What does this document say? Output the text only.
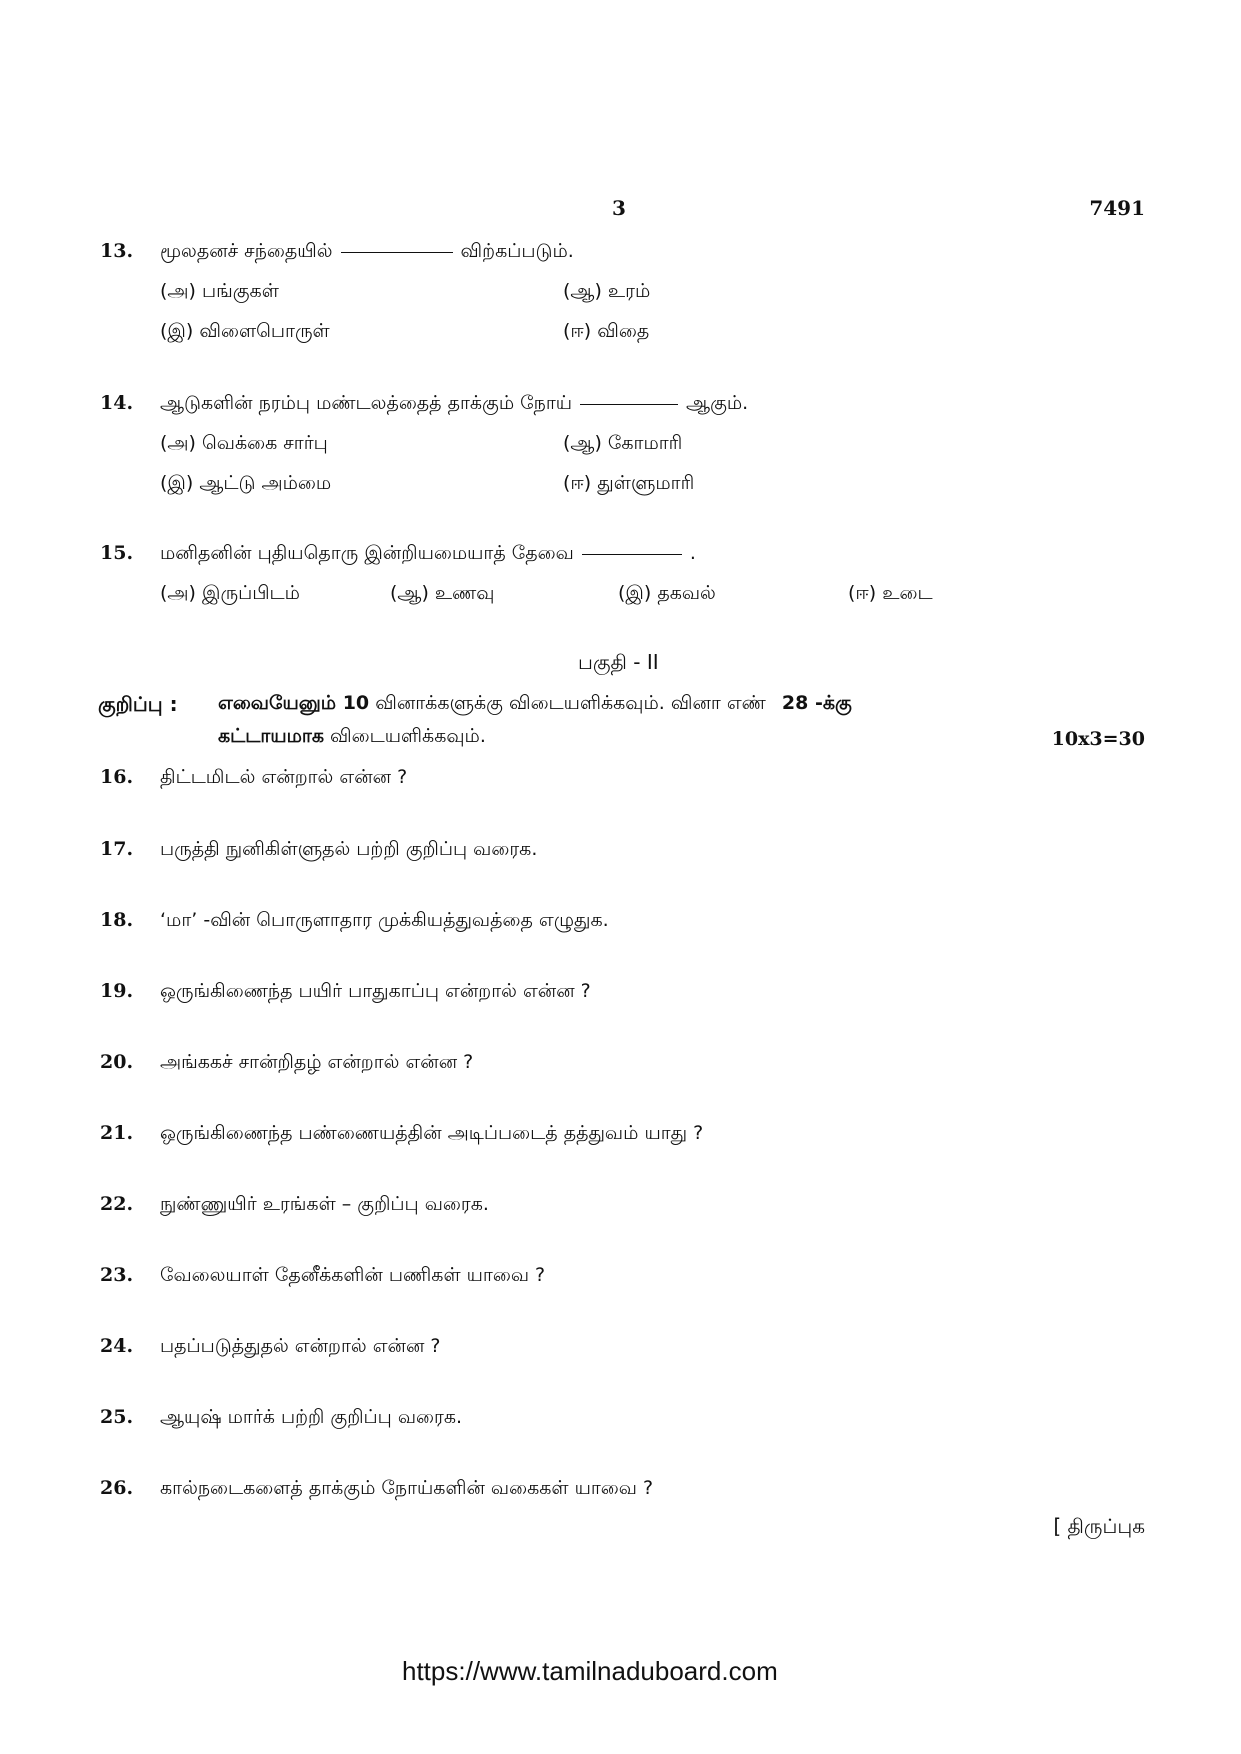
3	7491
13. மூலதனச் சந்தையில்	விற்கப்படும்.
(அ) பங்குகள்	(ஆ) உரம்
(இ) விளைபொருள்	(ஈ) விதை
14. ஆடுகளின் நரம்பு மண்டலத்தைத் தாக்கும் நோய்	ஆகும்.
(அ) வெக்கை சார்பு	(ஆ) கோமாரி
(இ) ஆட்டு அம்மை	(ஈ) துள்ளுமாரி
15. மனிதனின் புதியதொரு இன்றியமையாத் தேவை	.
(அ) இருப்பிடம்	(ஆ) உணவு	(இ) தகவல்	(ஈ) உடை
பகுதி - II
குறிப்பு : எவையேனும் 10 வினாக்களுக்கு விடையளிக்கவும். வினா எண் 28 -க்கு
கட்டாயமாக விடையளிக்கவும்.	10x3=30
16. திட்டமிடல் என்றால் என்ன ?
17. பருத்தி நுனிகிள்ளுதல் பற்றி குறிப்பு வரைக.
18. ‘மா’ -வின் பொருளாதார முக்கியத்துவத்தை எழுதுக.
19. ஒருங்கிணைந்த பயிர் பாதுகாப்பு என்றால் என்ன ?
20. அங்ககச் சான்றிதழ் என்றால் என்ன ?
21. ஒருங்கிணைந்த பண்ணையத்தின் அடிப்படைத் தத்துவம் யாது ?
22. நுண்ணுயிர் உரங்கள் – குறிப்பு வரைக.
23. வேலையாள் தேனீக்களின் பணிகள் யாவை ?
24. பதப்படுத்துதல் என்றால் என்ன ?
25. ஆயுஷ் மார்க் பற்றி குறிப்பு வரைக.
26. கால்நடைகளைத் தாக்கும் நோய்களின் வகைகள் யாவை ?
[ திருப்புக
https://www.tamilnaduboard.com
